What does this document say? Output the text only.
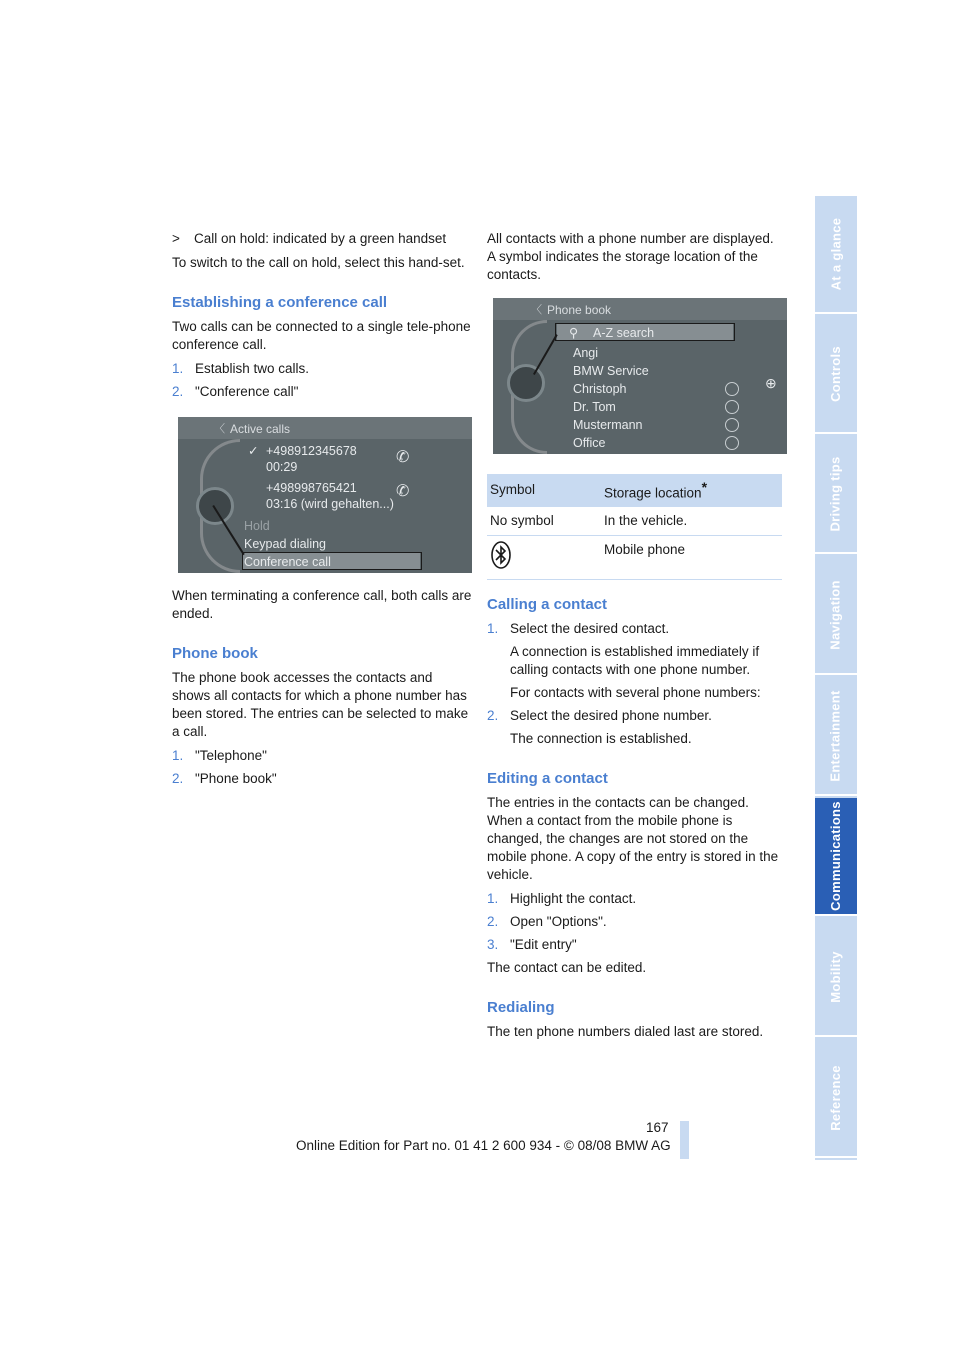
>	Call on hold: indicated by a green handset

To switch to the call on hold, select this hand-set.

Establishing a conference call

Two calls can be connected to a single tele-phone conference call.

1. Establish two calls.
2. "Conference call"
〈 Active calls
✓ +498912345678
00:29
✆
+498998765421
03:16 (wird gehalten...)
✆
Hold
Keypad dialing
Conference call

When terminating a conference call, both calls are ended.

Phone book

The phone book accesses the contacts and shows all contacts for which a phone number has been stored. The entries can be selected to make a call.

1. "Telephone"
2. "Phone book"

All contacts with a phone number are displayed. A symbol indicates the storage location of the contacts.

〈 Phone book
⊕
⚲ A-Z search
Angi
BMW Service
Christoph
Dr. Tom
Mustermann
Office
Symbol	Storage location*
No symbol	In the vehicle.
	Mobile phone
Calling a contact
1. Select the desired contact.
A connection is established immediately if calling contacts with one phone number.
For contacts with several phone numbers:
2. Select the desired phone number.
The connection is established.
Editing a contact

The entries in the contacts can be changed. When a contact from the mobile phone is changed, the changes are not stored on the mobile phone. A copy of the entry is stored in the vehicle.

1. Highlight the contact.
2. Open "Options".
3. "Edit entry"

The contact can be edited.

Redialing

The ten phone numbers dialed last are stored.

167
Online Edition for Part no. 01 41 2 600 934 - © 08/08 BMW AG
At a glance
Controls
Driving tips
Navigation
Entertainment
Communications
Mobility
Reference
